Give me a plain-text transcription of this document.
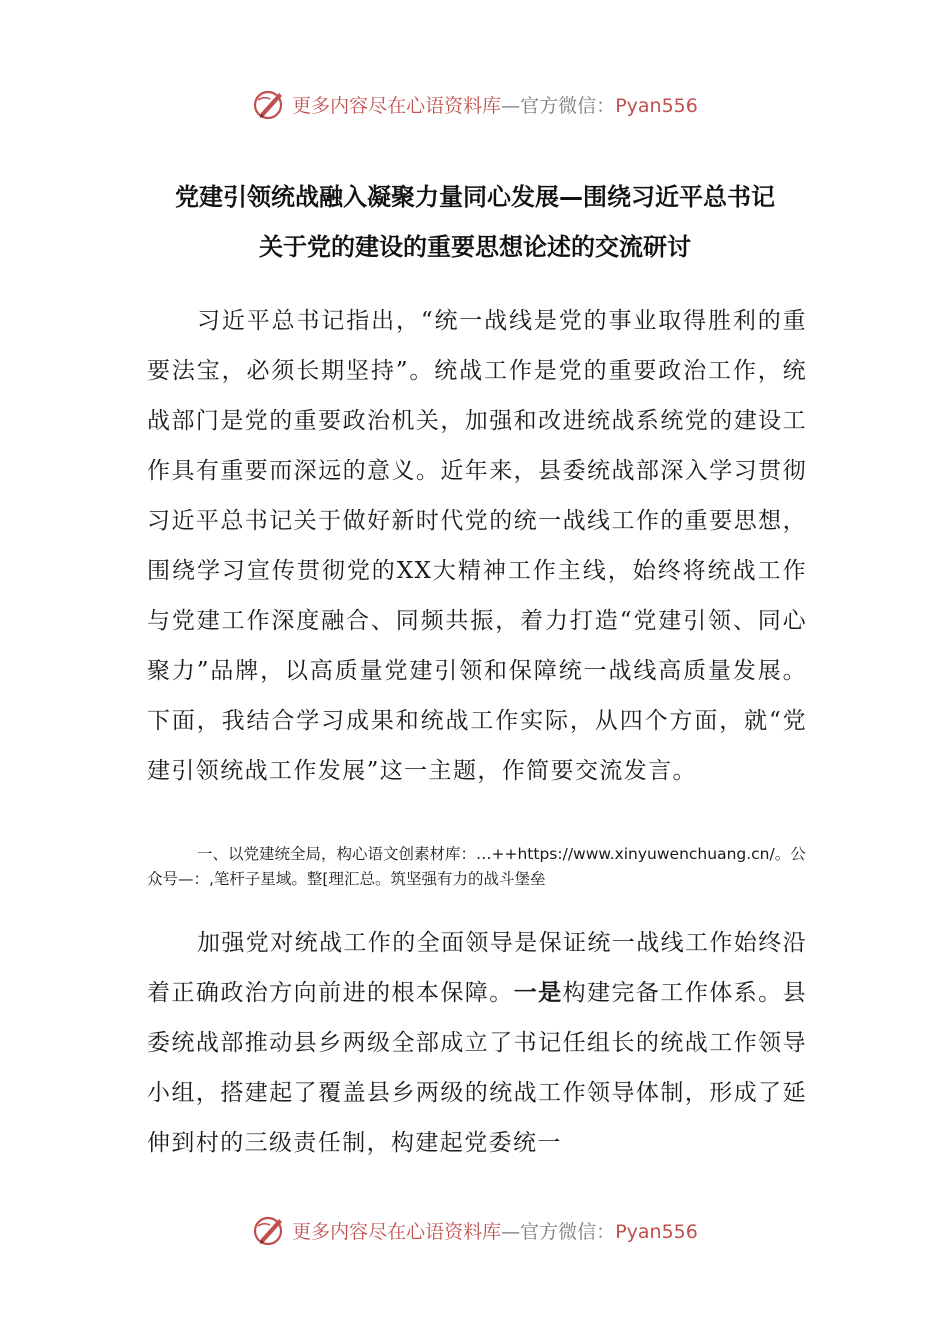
更多内容尽在心语资料库—官方微信：Pyan556
党建引领统战融入凝聚力量同心发展—围绕习近平总书记
关于党的建设的重要思想论述的交流研讨

习近平总书记指出，“统一战线是党的事业取得胜利的重要法宝，必须长期坚持”。统战工作是党的重要政治工作，统战部门是党的重要政治机关，加强和改进统战系统党的建设工作具有重要而深远的意义。近年来，县委统战部深入学习贯彻习近平总书记关于做好新时代党的统一战线工作的重要思想，围绕学习宣传贯彻党的XX大精神工作主线，始终将统战工作与党建工作深度融合、同频共振，着力打造“党建引领、同心聚力”品牌，以高质量党建引领和保障统一战线高质量发展。下面，我结合学习成果和统战工作实际，从四个方面，就“党建引领统战工作发展”这一主题，作简要交流发言。

一、以党建统全局，构心语文创素材库：…++https://www.xinyuwenchuang.cn/。公众号—：,笔杆子星域。整[理汇总。筑坚强有力的战斗堡垒

加强党对统战工作的全面领导是保证统一战线工作始终沿着正确政治方向前进的根本保障。一是构建完备工作体系。县委统战部推动县乡两级全部成立了书记任组长的统战工作领导小组，搭建起了覆盖县乡两级的统战工作领导体制，形成了延伸到村的三级责任制，构建起党委统一

更多内容尽在心语资料库—官方微信：Pyan556
